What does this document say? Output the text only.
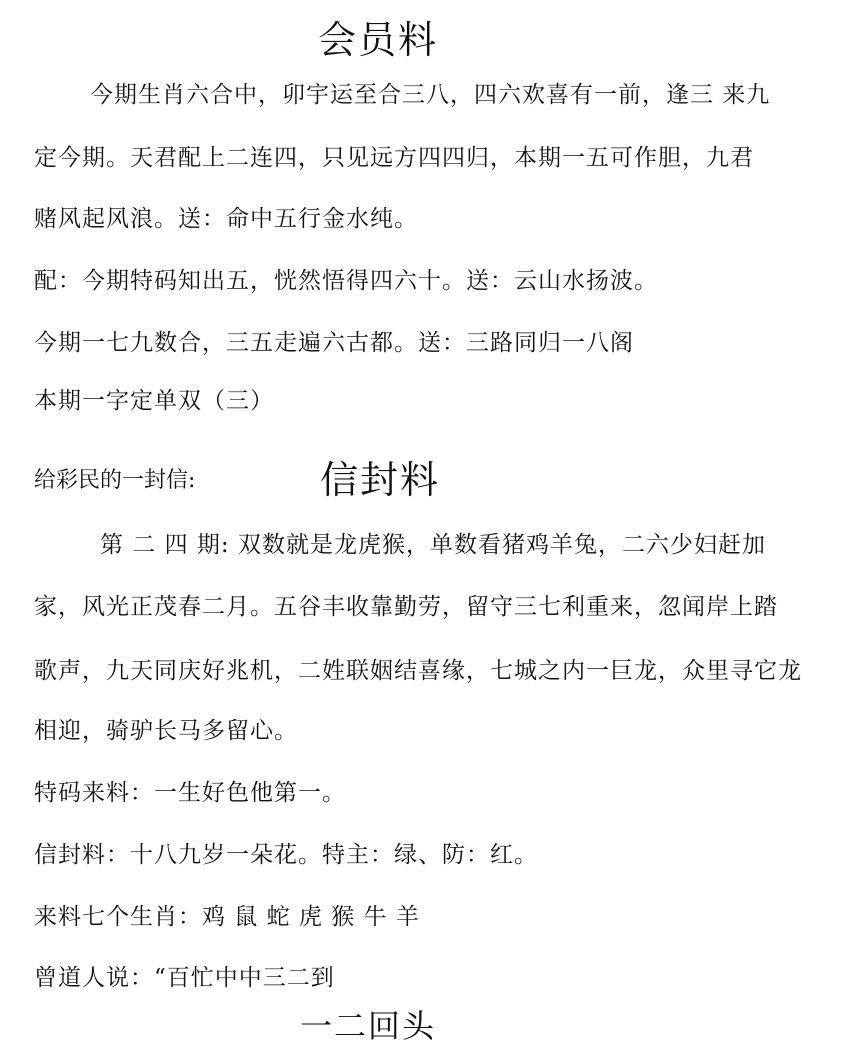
会员料
今期生肖六合中，卯宇运至合三八，四六欢喜有一前，逢三 来九
定今期。天君配上二连四，只见远方四四归，本期一五可作胆，九君
赌风起风浪。送：命中五行金水纯。
配：今期特码知出五，恍然悟得四六十。送：云山水扬波。
今期一七九数合，三五走遍六古都。送：三路同归一八阁
本期一字定单双（三）
给彩民的一封信:	信封料
第 二 四 期: 双数就是龙虎猴，单数看猪鸡羊兔，二六少妇赶加
家，风光正茂春二月。五谷丰收靠勤劳，留守三七利重来，忽闻岸上踏
歌声，九天同庆好兆机，二姓联姻结喜缘，七城之内一巨龙，众里寻它龙
相迎，骑驴长马多留心。
特码来料：一生好色他第一。
信封料：十八九岁一朵花。特主：绿、防：红。
来料七个生肖：鸡 鼠 蛇 虎 猴 牛 羊
曾道人说：“百忙中中三二到
一二回头
